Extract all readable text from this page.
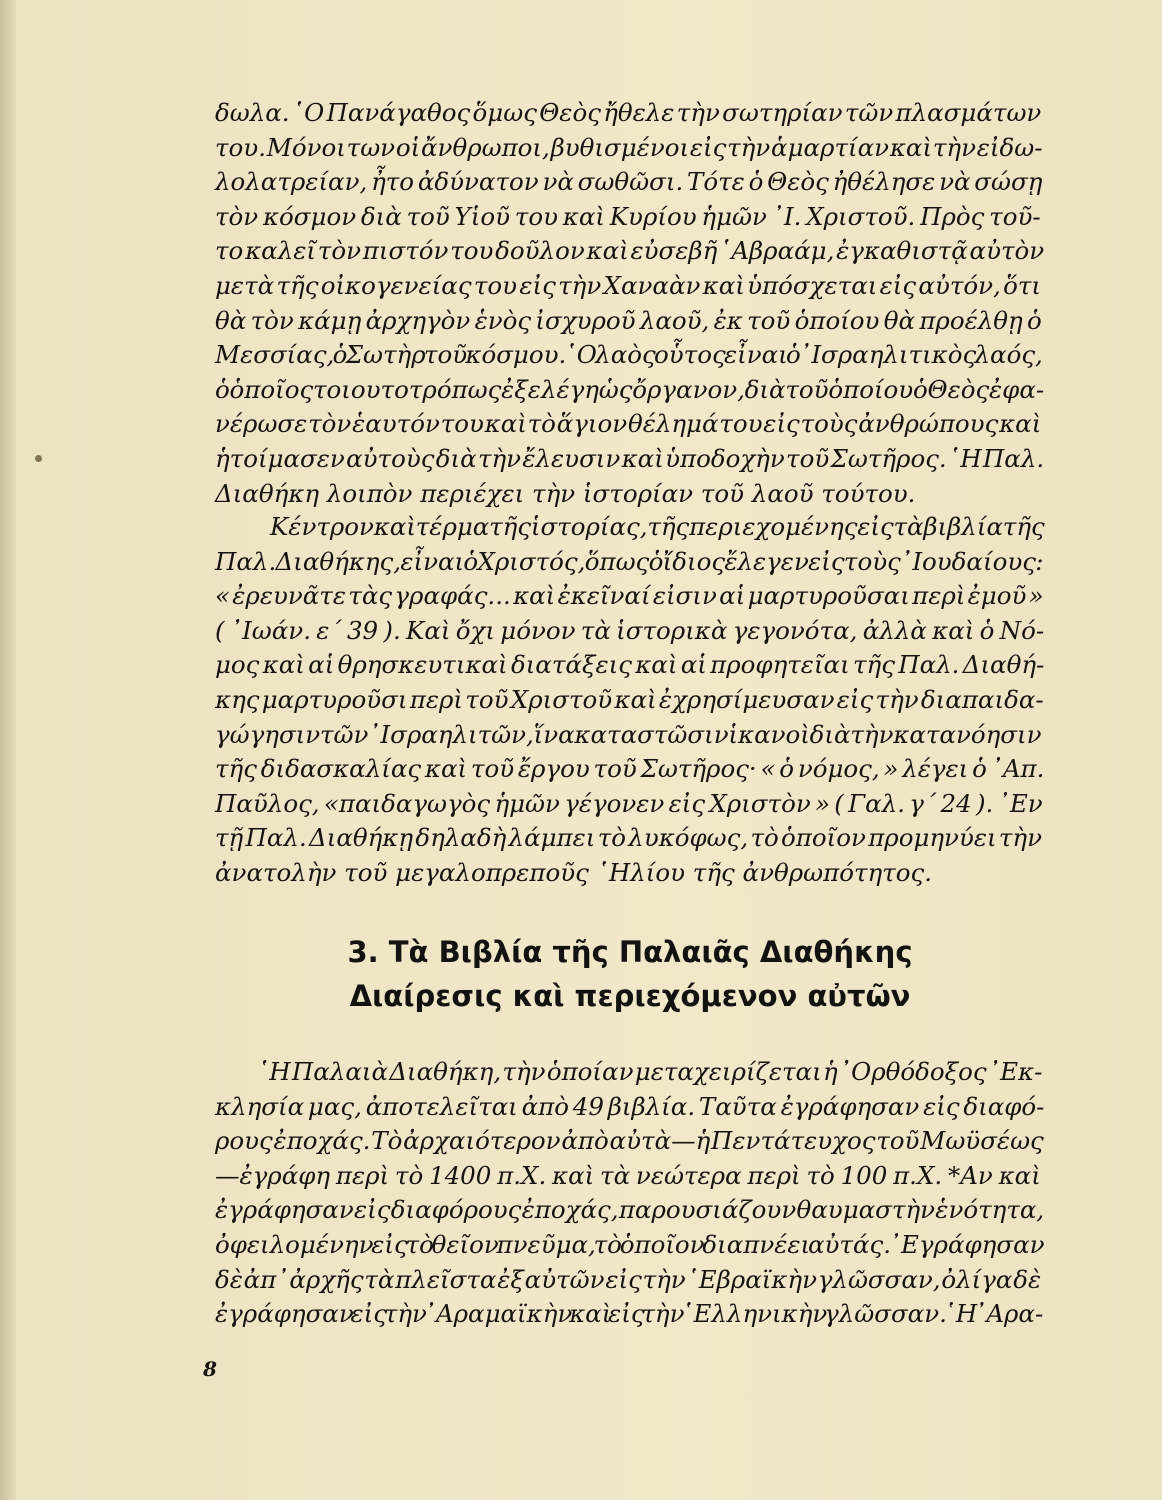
δωλα. ῾Ο Πανάγαθος ὅμως Θεὸς ἤθελε τὴν σωτηρίαν τῶν πλασμάτων
του. Μόνοι των οἱ ἄνθρωποι, βυθισμένοι εἰς τὴν ἁμαρτίαν καὶ τὴν εἰδω-
λολατρείαν, ἦτο ἀδύνατον νὰ σωθῶσι. Τότε ὁ Θεὸς ἠθέλησε νὰ σώσῃ
τὸν κόσμον διὰ τοῦ Υἱοῦ του καὶ Κυρίου ἡμῶν ᾿Ι. Χριστοῦ. Πρὸς τοῦ-
το καλεῖ τὸν πιστόν του δοῦλον καὶ εὐσεβῆ ῾Αβραάμ, ἐγκαθιστᾷ αὐτὸν
μετὰ τῆς οἰκογενείας του εἰς τὴν Χαναὰν καὶ ὑπόσχεται εἰς αὐτόν, ὅτι
θὰ τὸν κάμῃ ἀρχηγὸν ἑνὸς ἰσχυροῦ λαοῦ, ἐκ τοῦ ὁποίου θὰ προέλθῃ ὁ
Μεσσίας, ὁ Σωτὴρ τοῦ κόσμου. ῾Ο λαὸς οὗτος εἶναι ὁ ᾿Ισραηλιτικὸς λαός,
ὁ ὁποῖος τοιουτοτρόπως ἐξελέγη ὡς ὄργανον, διὰ τοῦ ὁποίου ὁ Θεὸς ἐφα-
νέρωσε τὸν ἑαυτόν του καὶ τὸ ἅγιον θέλημά του εἰς τοὺς ἀνθρώπους καὶ
ἡτοίμασεν αὐτοὺς διὰ τὴν ἔλευσιν καὶ ὑποδοχὴν τοῦ Σωτῆρος. ῾Η Παλ.
Διαθήκη λοιπὸν περιέχει τὴν ἱστορίαν τοῦ λαοῦ τούτου.
Κέντρον καὶ τέρμα τῆς ἱστορίας, τῆς περιεχομένης εἰς τὰ βιβλία τῆς
Παλ. Διαθήκης, εἶναι ὁ Χριστός, ὅπως ὁ ἴδιος ἔλεγεν εἰς τοὺς ᾿Ιουδαίους :
« ἐρευνᾶτε τὰς γραφάς... καὶ ἐκεῖναί εἰσιν αἱ μαρτυροῦσαι περὶ ἐμοῦ »
( ᾿Ιωάν. ε΄ 39 ). Καὶ ὄχι μόνον τὰ ἱστορικὰ γεγονότα, ἀλλὰ καὶ ὁ Νό-
μος καὶ αἱ θρησκευτικαὶ διατάξεις καὶ αἱ προφητεῖαι τῆς Παλ. Διαθή-
κης μαρτυροῦσι περὶ τοῦ Χριστοῦ καὶ ἐχρησίμευσαν εἰς τὴν διαπαιδα-
γώγησιν τῶν ᾿Ισραηλιτῶν, ἵνα καταστῶσιν ἱκανοὶ διὰ τὴν κατανόησιν
τῆς διδασκαλίας καὶ τοῦ ἔργου τοῦ Σωτῆρος· « ὁ νόμος, » λέγει ὁ ᾿Απ.
Παῦλος, «παιδαγωγὸς ἡμῶν γέγονεν εἰς Χριστὸν » ( Γαλ. γ΄ 24 ). ᾿Εν
τῇ Παλ. Διαθήκῃ δηλαδὴ λάμπει τὸ λυκόφως, τὸ ὁποῖον προμηνύει τὴν
ἀνατολὴν τοῦ μεγαλοπρεποῦς ῾Ηλίου τῆς ἀνθρωπότητος.
3. Τὰ Βιβλία τῆς Παλαιᾶς Διαθήκης
Διαίρεσις καὶ περιεχόμενον αὐτῶν
῾Η Παλαιὰ Διαθήκη, τὴν ὁποίαν μεταχειρίζεται ἡ ᾿Ορθόδοξος ᾿Εκ-
κλησία μας, ἀποτελεῖται ἀπὸ 49 βιβλία. Ταῦτα ἐγράφησαν εἰς διαφό-
ρους ἐποχάς. Τὸ ἀρχαιότερον ἀπὸ αὐτὰ—ἡ Πεντάτευχος τοῦ Μωϋσέως
—ἐγράφη περὶ τὸ 1400 π.Χ. καὶ τὰ νεώτερα περὶ τὸ 100 π.Χ. *Αν καὶ
ἐγράφησαν εἰς διαφόρους ἐποχάς, παρουσιάζουν θαυμαστὴν ἑνότητα,
ὀφειλομένην εἰς τὸ θεῖον πνεῦμα, τὸ ὁποῖον διαπνέει αὐτάς. ᾿Εγράφησαν
δὲ ἀπ᾿ ἀρχῆς τὰ πλεῖστα ἐξ αὐτῶν εἰς τὴν ῾Εβραϊκὴν γλῶσσαν, ὀλίγα δὲ
ἐγράφησαν εἰς τὴν ᾿Αραμαϊκὴν καὶ εἰς τὴν ῾Ελληνικὴν γλῶσσαν. ῾Η ᾿Αρα-
8
